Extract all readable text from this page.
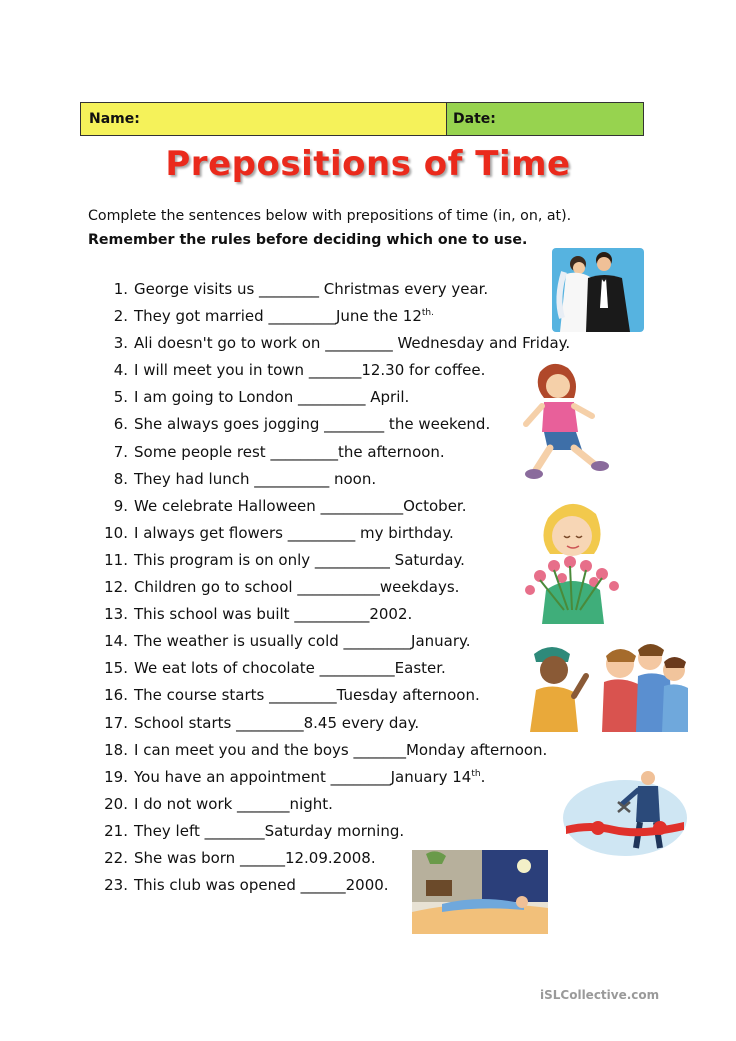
Name:	Date:
Prepositions of Time
Complete the sentences below with prepositions of time (in, on, at).
Remember the rules before deciding which one to use.
1. George visits us ________ Christmas every year.
2. They got married _________June the $12^{th.}$
3. Ali doesn't go to work on _________ Wednesday and Friday.
4. I will meet you in town _______12.30 for coffee.
5. I am going to London _________ April.
6. She always goes jogging ________ the weekend.
7. Some people rest _________the afternoon.
8. They had lunch __________ noon.
9. We celebrate Halloween ___________October.
10. I always get flowers _________ my birthday.
11. This program is on only __________ Saturday.
12. Children go to school ___________weekdays.
13. This school was built __________2002.
14. The weather is usually cold _________January.
15. We eat lots of chocolate __________Easter.
16. The course starts _________Tuesday afternoon.
17. School starts _________8.45 every day.
18. I can meet you and the boys _______Monday afternoon.
19. You have an appointment ________January 14th.
20. I do not work _______night.
21. They left ________Saturday morning.
22. She was born ______12.09.2008.
23. This club was opened ______2000.
iSLCollective.com
